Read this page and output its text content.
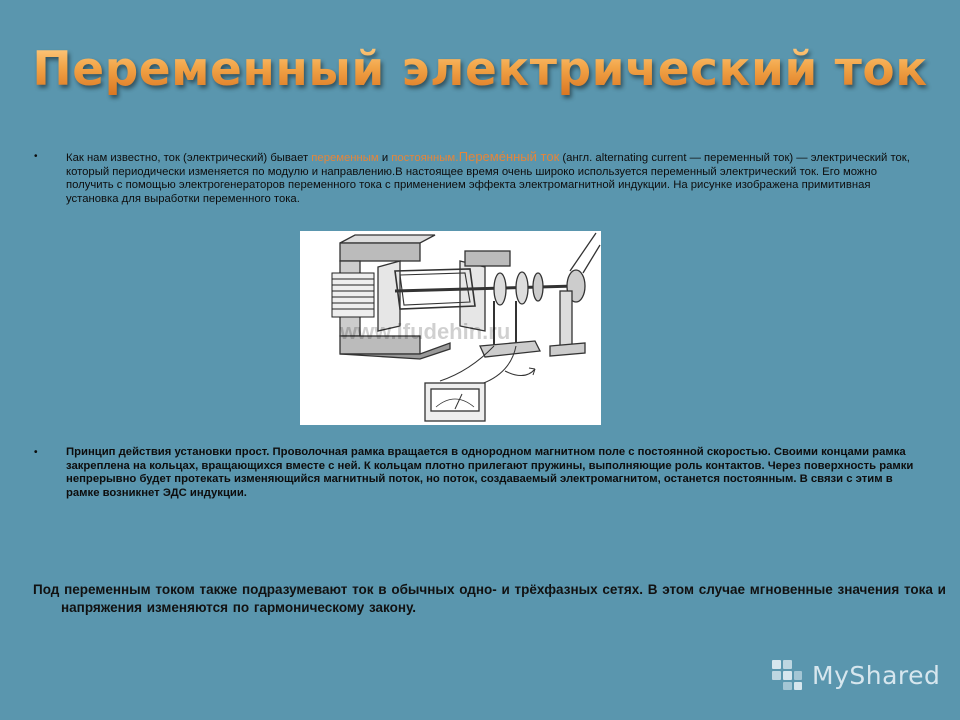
Переменный электрический ток
•	Как нам известно, ток (электрический) бывает переменным и постоянным.Переме́нный ток (англ. alternating current — переменный ток) — электрический ток, который периодически изменяется по модулю и направлению.В настоящее время очень широко используется переменный электрический ток. Его можно получить с помощью электрогенераторов переменного тока с применением эффекта электромагнитной индукции. На рисунке изображена примитивная установка для выработки переменного тока.
www.ifudehin.ru
•	Принцип действия установки прост. Проволочная рамка вращается в однородном магнитном поле с постоянной скоростью. Своими концами рамка закреплена на кольцах, вращающихся вместе с ней. К кольцам плотно прилегают пружины, выполняющие роль контактов. Через поверхность рамки непрерывно будет протекать изменяющийся магнитный поток, но поток, создаваемый электромагнитом, останется постоянным. В связи с этим в рамке возникнет ЭДС индукции.
Под переменным током также подразумевают ток в обычных одно- и трёхфазных сетях. В этом случае мгновенные значения тока и напряжения изменяются по гармоническому закону.
MyShared
